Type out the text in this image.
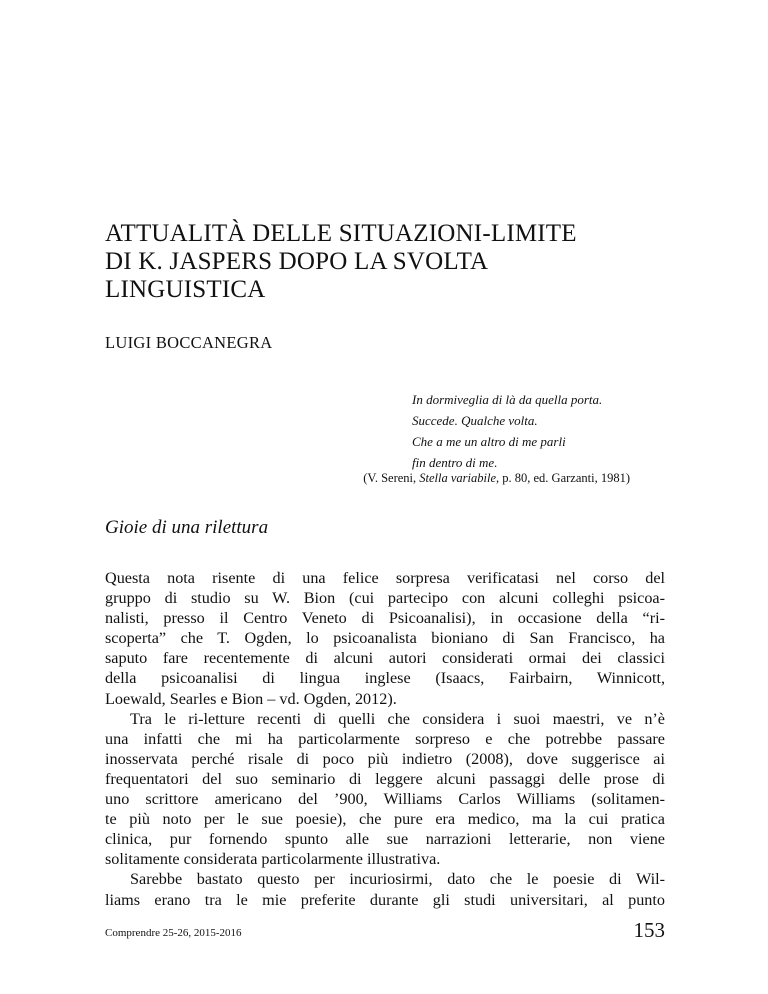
ATTUALITÀ DELLE SITUAZIONI-LIMITE
DI K. JASPERS DOPO LA SVOLTA
LINGUISTICA

LUIGI BOCCANEGRA

In dormiveglia di là da quella porta.
Succede. Qualche volta.
Che a me un altro di me parli
fin dentro di me.
(V. Sereni, Stella variabile, p. 80, ed. Garzanti, 1981)
Gioie di una rilettura

Questa nota risente di una felice sorpresa verificatasi nel corso del
gruppo di studio su W. Bion (cui partecipo con alcuni colleghi psicoa-
nalisti, presso il Centro Veneto di Psicoanalisi), in occasione della “ri-
scoperta” che T. Ogden, lo psicoanalista bioniano di San Francisco, ha
saputo fare recentemente di alcuni autori considerati ormai dei classici
della psicoanalisi di lingua inglese (Isaacs, Fairbairn, Winnicott,
Loewald, Searles e Bion – vd. Ogden, 2012).

Tra le ri-letture recenti di quelli che considera i suoi maestri, ve n’è
una infatti che mi ha particolarmente sorpreso e che potrebbe passare
inosservata perché risale di poco più indietro (2008), dove suggerisce ai
frequentatori del suo seminario di leggere alcuni passaggi delle prose di
uno scrittore americano del ’900, Williams Carlos Williams (solitamen-
te più noto per le sue poesie), che pure era medico, ma la cui pratica
clinica, pur fornendo spunto alle sue narrazioni letterarie, non viene
solitamente considerata particolarmente illustrativa.

Sarebbe bastato questo per incuriosirmi, dato che le poesie di Wil-
liams erano tra le mie preferite durante gli studi universitari, al punto

Comprendre 25-26, 2015-2016	153
